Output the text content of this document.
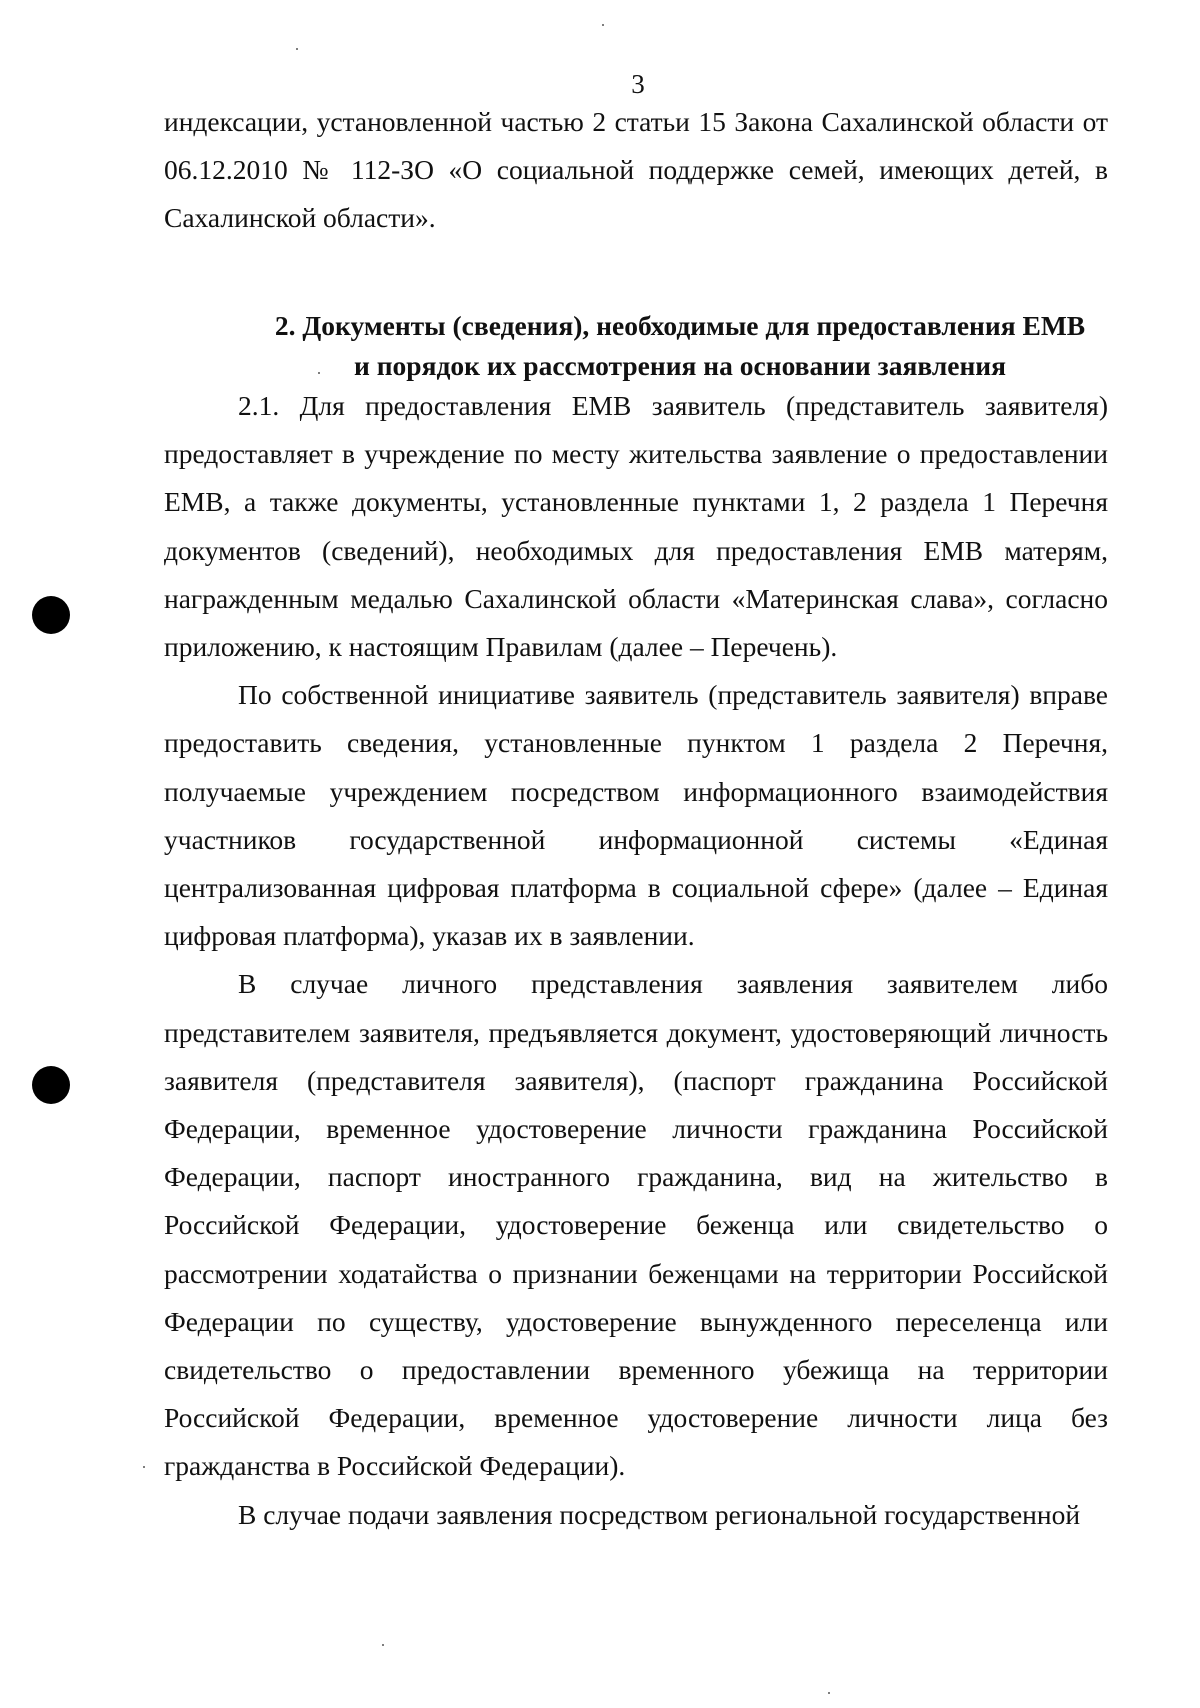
3

индексации, установленной частью 2 статьи 15 Закона Сахалинской области от 06.12.2010 № 112-ЗО «О социальной поддержке семей, имеющих детей, в Сахалинской области».

2. Документы (сведения), необходимые для предоставления ЕМВ
и порядок их рассмотрения на основании заявления

2.1. Для предоставления ЕМВ заявитель (представитель заявителя) предоставляет в учреждение по месту жительства заявление о предоставлении ЕМВ, а также документы, установленные пунктами 1, 2 раздела 1 Перечня документов (сведений), необходимых для предоставления ЕМВ матерям, награжденным медалью Сахалинской области «Материнская слава», согласно приложению, к настоящим Правилам (далее – Перечень).

По собственной инициативе заявитель (представитель заявителя) вправе предоставить сведения, установленные пунктом 1 раздела 2 Перечня, получаемые учреждением посредством информационного взаимодействия участников государственной информационной системы «Единая централизованная цифровая платформа в социальной сфере» (далее – Единая цифровая платформа), указав их в заявлении.

В случае личного представления заявления заявителем либо представителем заявителя, предъявляется документ, удостоверяющий личность заявителя (представителя заявителя), (паспорт гражданина Российской Федерации, временное удостоверение личности гражданина Российской Федерации, паспорт иностранного гражданина, вид на жительство в Российской Федерации, удостоверение беженца или свидетельство о рассмотрении ходатайства о признании беженцами на территории Российской Федерации по существу, удостоверение вынужденного переселенца или свидетельство о предоставлении временного убежища на территории Российской Федерации, временное удостоверение личности лица без гражданства в Российской Федерации).

В случае подачи заявления посредством региональной государственной
